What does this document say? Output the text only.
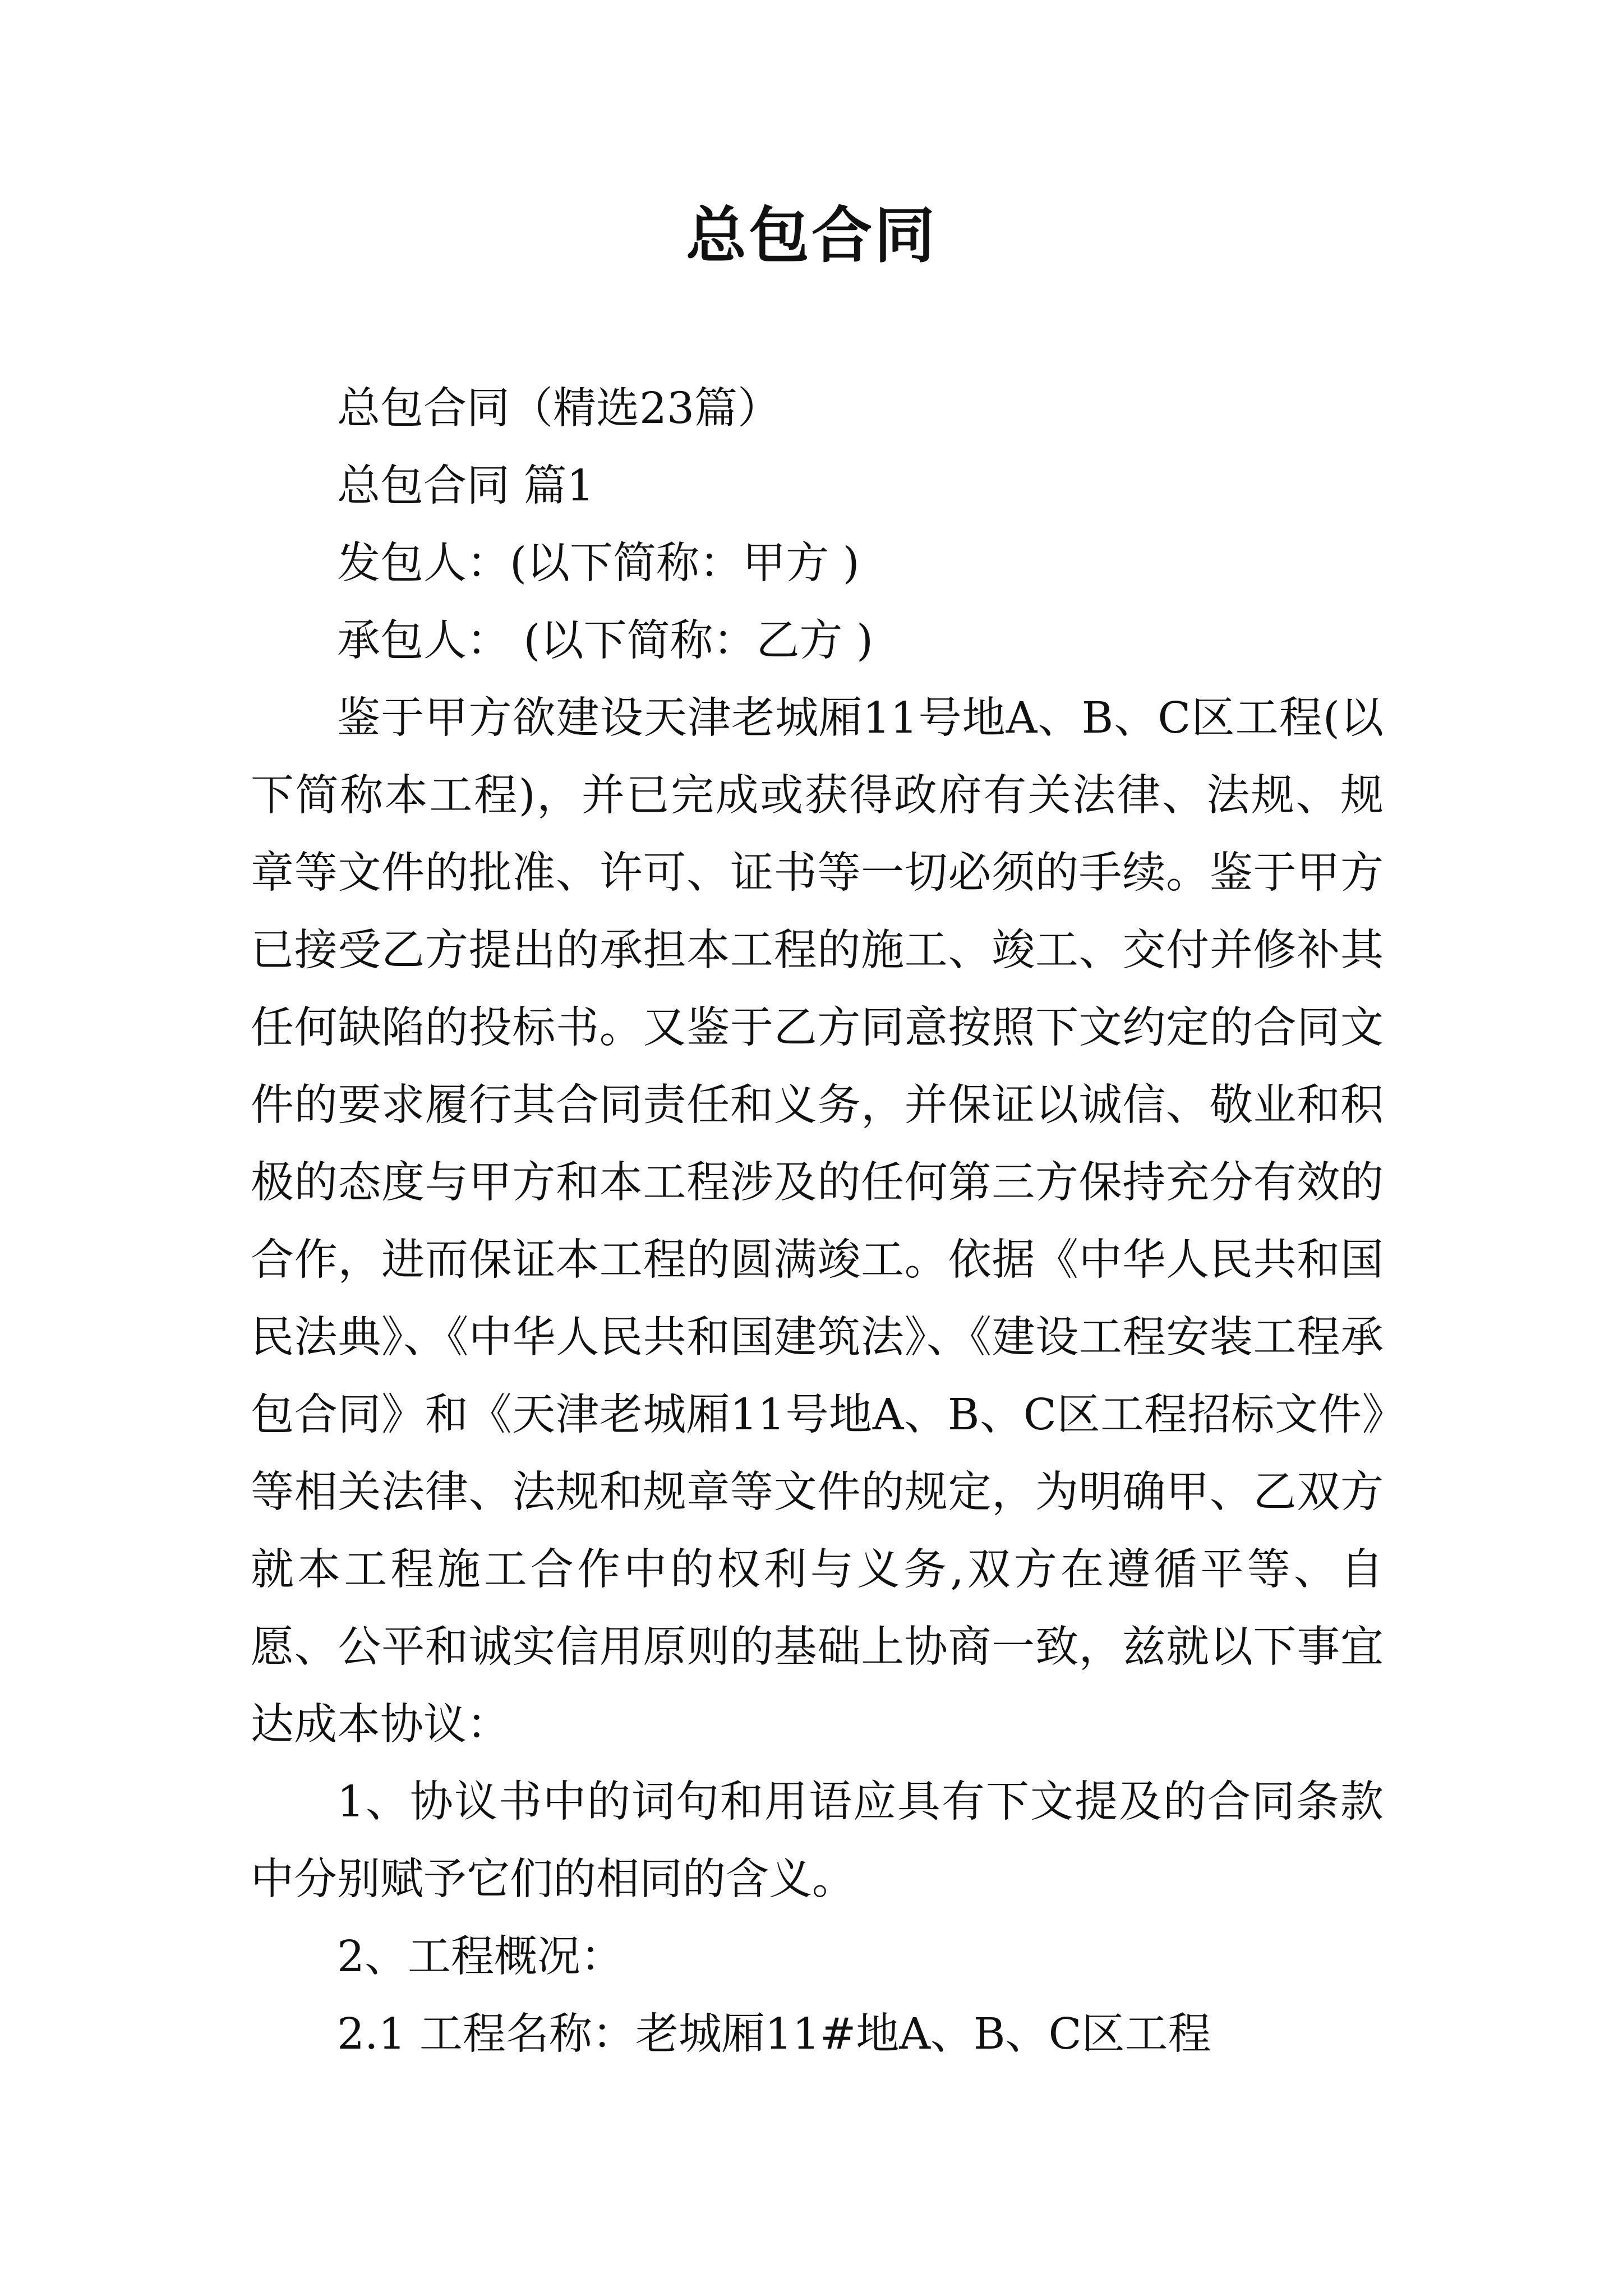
总包合同

总包合同（精选23篇）

总包合同 篇1

发包人：(以下简称：甲方 )

承包人： (以下简称：乙方 )

鉴于甲方欲建设天津老城厢11号地A、B、C区工程(以下简称本工程)，并已完成或获得政府有关法律、法规、规章等文件的批准、许可、证书等一切必须的手续。鉴于甲方已接受乙方提出的承担本工程的施工、竣工、交付并修补其任何缺陷的投标书。又鉴于乙方同意按照下文约定的合同文件的要求履行其合同责任和义务，并保证以诚信、敬业和积极的态度与甲方和本工程涉及的任何第三方保持充分有效的合作，进而保证本工程的圆满竣工。依据《中华人民共和国民法典》、《中华人民共和国建筑法》、《建设工程安装工程承包合同》和《天津老城厢11号地A、B、C区工程招标文件》等相关法律、法规和规章等文件的规定，为明确甲、乙双方就本工程施工合作中的权利与义务,双方在遵循平等、自愿、公平和诚实信用原则的基础上协商一致，兹就以下事宜达成本协议：

1、协议书中的词句和用语应具有下文提及的合同条款中分别赋予它们的相同的含义。

2、工程概况：

2.1 工程名称：老城厢11#地A、B、C区工程
